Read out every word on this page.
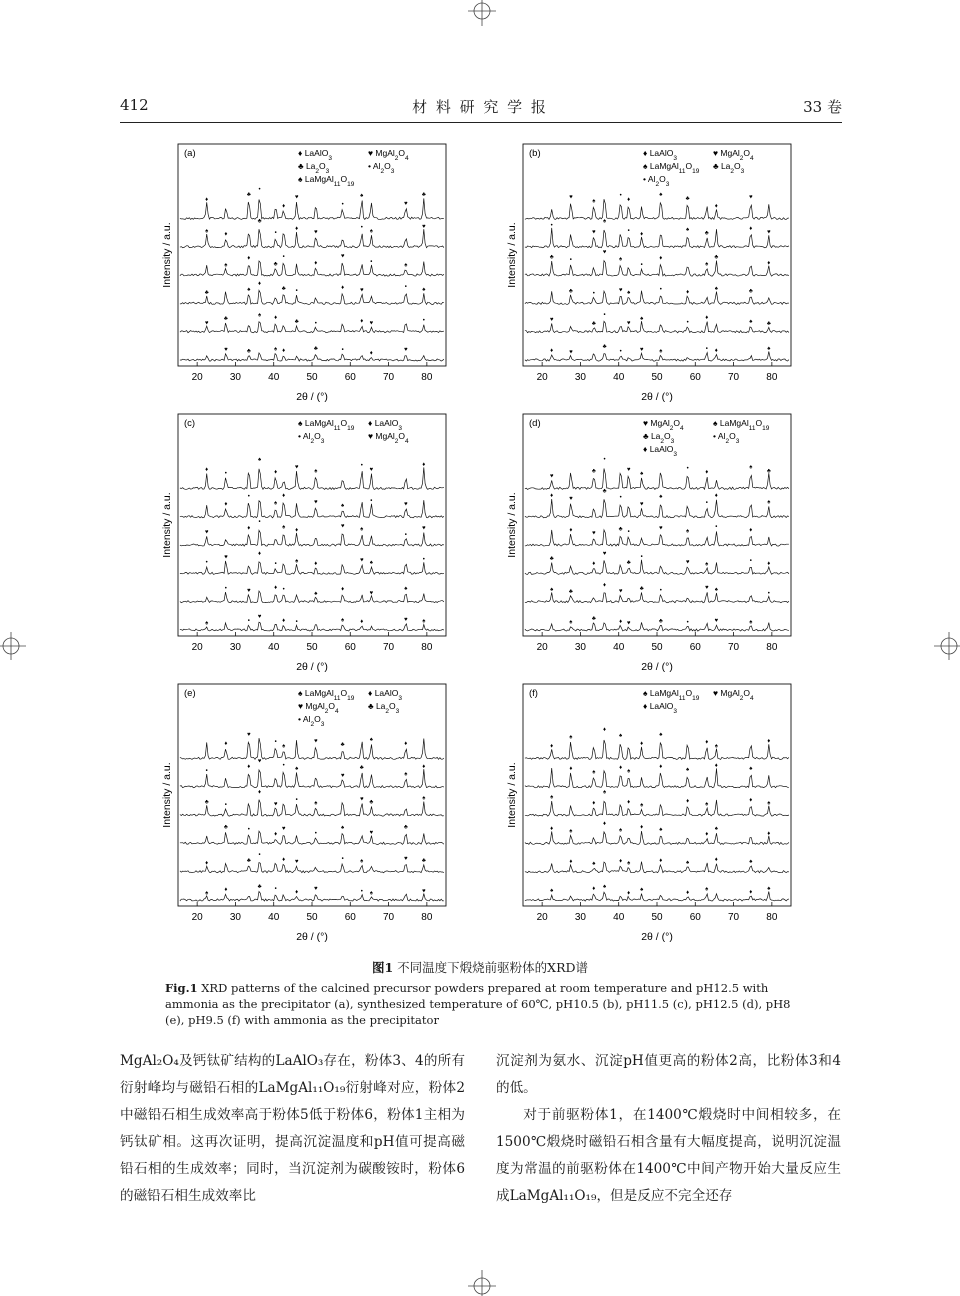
412	材 料 研 究 学 报	33 卷
Intensity / a.u.
20	30	40	50	60	70	80
2θ / (°)
(a)	♦ LaAlO$_3$	♥ $MgAl_2O_4$
♣ $La_2O_3$	• $Al_2O_3$
♠ $LaMgAl_{11}O_{19}$
♥	♣	♠ ♦	♣	•	♦
♥
♥
♣
♠ ♦
♣	•	♦ ♥	•
♣
♠
♦
♣ •
♦	♥
•	♠
♠
♦
♣
•
♦
♥
•	♠
♠
♦
♣
•
♦
♥
•
♠
♥
♦
♣
•
♦
♥
•
♠
♥
♣
Intensity / a.u.
20	30	40	50	60	70	80
2θ / (°)
(b)	♦ LaAlO$_3$	♥ $MgAl_2O_4$
♠ $LaMgAl_{11}O_{19}$ ♣ $La_2O_3$
• $Al_2O_3$
♦	♥
♣
•	♥	♠	• ♦	♠
♥
♣
•
♥
♠
•
♦
♠ ♣
♣	•
♥ ♠
•	♦
♠	♣
♣	•
♥
♠
•
♦
♠
♣
♦
•
♥
♠
•
♦
♠
♣
♦
♥
♥
♠
•
♦
♠
♣
♦
♥
Intensity / a.u.
20	30	40	50	60	70	80
2θ / (°)
(c)	♠ $LaMgAl_{11}O_{19}$ ♦ LaAlO$_3$
• $Al_2O_3$	♥ $MgAl_2O_4$
♠	•
♥
♦ •	♠	♦	♥ ♠
•	♥	♦ •
♠
♦
♥
♠
•
♥
♦
•
♠	♦
♥ ♠
•
♥
♦
•
♠ ♦
♥	♠
•
♥
♦
•
♠
♦
♥
♠
•
♥
♦
•
♠
♦
♥
♠
•
♥
♦
Intensity / a.u.
20	30	40	50	60	70	80
2θ / (°)
(d)	♥ $MgAl_2O_4$	♠ $LaMgAl_{11}O_{19}$
♣ $La_2O_3$	• $Al_2O_3$
♦ LaAlO$_3$
♠
♣	♦ ♥	♣	•	♥	♠
♠	♣
♦
♥	♣	•	♥ ♠
•
♣
♦
♥
♣
•
♥	♠
•	♦
♦	♥
♣ •
♥	♠
•	♦
♦
♥
♣
•
♥
♠
•
♦
♠
♥
♣
•
♥
♠
•
♦
♠
♣
Intensity / a.u.
20	30	40	50	60	70	80
2θ / (°)
(e)	♠ $LaMgAl_{11}O_{19}$ ♦ LaAlO$_3$
♥ $MgAl_2O_4$	♣ $La_2O_3$
• $Al_2O_3$
♠
♦	♣ •	♦
♥	• ♠	♥
♦	♣
•
♦ ♥	•	♠	♥ ♣
♣	•
♦
♥
•
♠
♥
♣
♣	•
♦
♥
•	♠
♥ ♣
♠
•
♦
♥
•
♠
♥
♣
♠
♦
♦
♥
•
♠
♥
♣
♠
♦
Intensity / a.u.
20	30	40	50	60	70	80
2θ / (°)
(f)	♠ $LaMgAl_{11}O_{19}$ ♥ $MgAl_2O_4$
♦ LaAlO$_3$
♠	♦ ♠
♦
♠	♦
♠	♦
♠
♦	♠	♦ ♠	♦	♠	♦	♠
♦	♠
♦
♠
♦	♠
♦
♠
♦
♠
♦
♠
♦ ♠
♦	♠
♦ ♠
♦
♠
♦
♠
♦
♠
♦
♠
♦
♠
♦
♠
♦
♠
♦
♠
♦
图1 不同温度下煅烧前驱粉体的XRD谱
Fig.1 XRD patterns of the calcined precursor powders prepared at room temperature and pH12.5 with ammonia as the precipitator (a), synthesized temperature of 60℃, pH10.5 (b), pH11.5 (c), pH12.5 (d), pH8 (e), pH9.5 (f) with ammonia as the precipitator

MgAl₂O₄及钙钛矿结构的LaAlO₃存在，粉体3、4的所有衍射峰均与磁铅石相的LaMgAl₁₁O₁₉衍射峰对应，粉体2中磁铅石相生成效率高于粉体5低于粉体6，粉体1主相为钙钛矿相。这再次证明，提高沉淀温度和pH值可提高磁铅石相的生成效率；同时，当沉淀剂为碳酸铵时，粉体6的磁铅石相生成效率比

沉淀剂为氨水、沉淀pH值更高的粉体2高，比粉体3和4的低。

对于前驱粉体1，在1400℃煅烧时中间相较多，在1500℃煅烧时磁铅石相含量有大幅度提高，说明沉淀温度为常温的前驱粉体在1400℃中间产物开始大量反应生成LaMgAl₁₁O₁₉，但是反应不完全还存
